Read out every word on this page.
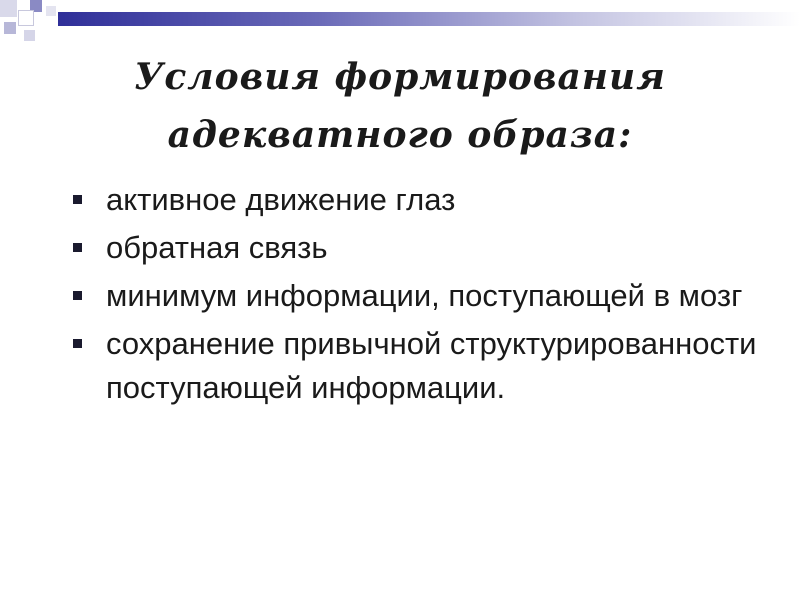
Условия формирования
адекватного образа:
активное движение глаз
обратная связь
минимум информации, поступающей в мозг
сохранение привычной структурированности поступающей информации.
